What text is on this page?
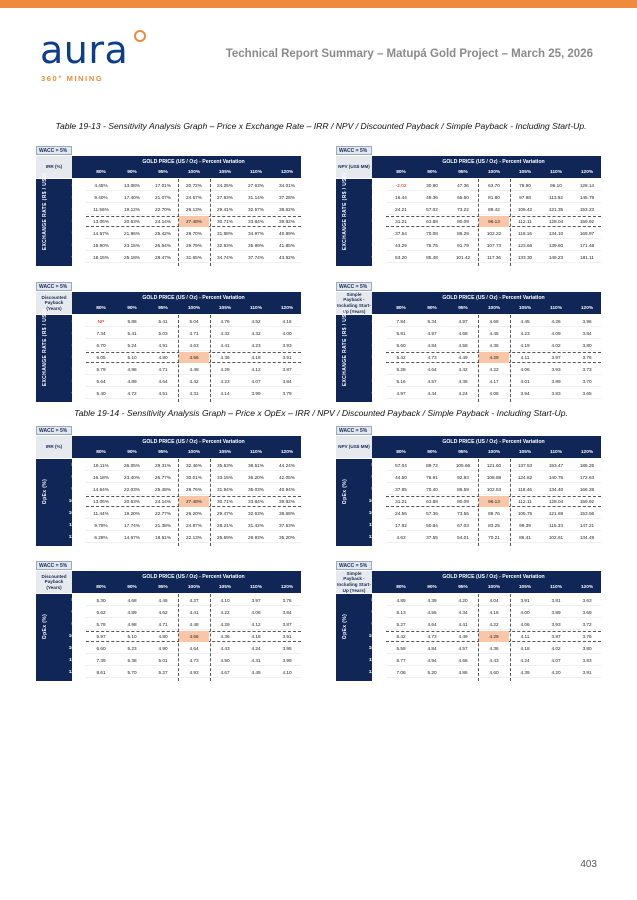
aura
360° MINING
Technical Report Summary – Matupá Gold Project – March 25, 2026
Table 19-13 - Sensitivity Analysis Graph – Price x Exchange Rate – IRR / NPV / Discounted Payback / Simple Payback - Including Start-Up.
WACC = 5%
IRR (%)
GOLD PRICE (US / Oz) - Percent Variation
80%	90%	95%	100%	105%	110%	120%
EXCHANGE RATE (R$ / US$)	4.16	4.45%	13.08%	17.01%	20.72%	24.25%	27.63%	34.01%
4.68	9.40%	17.40%	21.07%	24.57%	27.93%	31.14%	37.28%
4.94	11.56%	19.12%	22.70%	26.13%	29.41%	32.57%	38.62%
5.20	13.06%	20.63%	24.14%	27.48%	30.71%	33.84%	39.82%
5.46	14.57%	21.96%	25.42%	28.70%	31.88%	34.97%	40.89%
5.72	15.90%	23.15%	26.54%	29.79%	32.93%	35.99%	41.85%
6.24	18.15%	25.18%	28.47%	31.65%	34.74%	37.74%	43.52%
WACC = 5%
NPV (US$ MM)
GOLD PRICE (US / Oz) - Percent Variation
80%	90%	95%	100%	105%	110%	120%
EXCHANGE RATE (R$ / US$)	4.16	-2.02	30.90	47.36	63.70	79.90	96.10	128.14
4.68	16.44	49.36	65.60	81.80	97.98	113.92	145.79
4.94	24.21	57.02	73.22	89.42	105.42	121.35	153.23
5.20	31.21	63.88	80.09	96.13	112.11	128.04	159.92
5.46	37.54	70.08	86.29	102.22	118.16	134.10	165.97
5.72	43.29	75.75	91.79	107.73	123.66	139.60	171.48
6.24	53.20	85.48	101.42	117.36	133.30	149.23	181.11
WACC = 5%
Discounted Payback (Years)
GOLD PRICE (US / Oz) - Percent Variation
80%	90%	95%	100%	105%	110%	120%
EXCHANGE RATE (R$ / US$)	4.16	NP	5.88	5.41	5.04	4.76	4.52	4.16
4.68	7.34	5.41	5.03	4.71	4.32	4.32	4.00
4.94	6.70	5.24	4.91	4.63	4.41	4.23	3.93
5.20	6.05	5.10	4.80	4.56	4.36	4.18	3.91
5.46	5.79	4.98	4.71	4.48	4.29	4.12	3.87
5.72	5.64	4.89	4.64	4.42	4.23	4.07	3.84
6.24	5.40	4.72	4.51	4.31	4.14	3.99	3.79
WACC = 5%
Simple Payback - Including Start-Up (Years)
GOLD PRICE (US / Oz) - Percent Variation
80%	90%	95%	100%	105%	110%	120%
EXCHANGE RATE (R$ / US$)	4.16	7.84	5.34	4.97	4.69	4.45	4.26	3.96
4.68	5.81	4.97	4.68	4.45	4.23	4.09	3.84
4.94	5.60	4.84	4.58	4.36	4.19	4.02	3.80
5.20	5.42	4.73	4.49	4.29	4.11	3.97	3.76
5.46	5.28	4.64	4.42	4.22	4.06	3.93	3.73
5.72	5.16	4.57	4.35	4.17	4.01	3.89	3.70
6.24	4.97	4.44	4.24	4.08	3.94	3.83	3.65
Table 19-14 - Sensitivity Analysis Graph – Price x OpEx – IRR / NPV / Discounted Payback / Simple Payback - Including Start-Up.
WACC = 5%
IRR (%)
GOLD PRICE (US / Oz) - Percent Variation
80%	90%	95%	100%	105%	110%	120%
OpEx (%)
80%	19.11%	26.05%	29.31%	32.46%	35.53%	38.51%	44.24%
90%	16.18%	23.40%	26.77%	30.01%	33.15%	36.20%	42.05%
95%	14.64%	22.03%	25.48%	28.76%	31.94%	35.03%	40.94%
100%	13.06%	20.63%	24.14%	27.48%	30.71%	33.84%	39.82%
105%	11.44%	19.20%	22.77%	26.20%	29.47%	32.63%	38.68%
110%	9.78%	17.74%	21.38%	24.87%	28.21%	31.42%	37.53%
120%	6.28%	14.67%	18.51%	22.13%	25.59%	28.93%	35.20%
WACC = 5%
NPV (US$ MM)
GOLD PRICE (US / Oz) - Percent Variation
80%	90%	95%	100%	105%	110%	120%
OpEx (%)
80%	57.04	89.72	105.66	121.60	137.53	153.47	185.25
90%	44.50	76.91	92.93	108.88	124.82	140.76	172.63
95%	37.85	70.40	86.59	102.53	118.46	134.40	166.28
100%	31.21	63.88	80.09	96.13	112.11	128.04	159.92
105%	24.56	57.36	73.56	89.76	105.75	121.69	153.56
110%	17.92	50.84	67.03	83.25	99.39	115.33	147.21
120%	4.63	37.55	54.01	70.21	86.41	102.61	134.49
WACC = 5%
Discounted Payback (Years)
GOLD PRICE (US / Oz) - Percent Variation
80%	90%	95%	100%	105%	110%	120%
OpEx (%)
80%	5.30	4.68	4.46	4.27	4.10	3.97	3.76
90%	5.62	4.89	4.62	4.41	4.22	4.06	3.84
95%	5.78	4.98	4.71	4.48	4.29	4.12	3.87
100%	5.97	5.10	4.80	4.56	4.36	4.18	3.91
105%	6.60	5.23	4.90	4.64	4.43	4.24	3.95
110%	7.39	5.38	5.01	4.73	4.50	4.31	3.99
120%	8.61	5.70	5.27	4.93	4.67	4.45	4.10
WACC = 5%
Simple Payback - Including Start-Up (Years)
GOLD PRICE (US / Oz) - Percent Variation
80%	90%	95%	100%	105%	110%	120%
OpEx (%)
80%	4.89	4.39	4.20	4.04	3.91	3.81	3.63
90%	5.13	4.55	4.34	4.16	4.00	3.89	3.69
95%	5.27	4.64	4.41	4.22	4.06	3.93	3.72
100%	5.42	4.73	4.49	4.29	4.11	3.97	3.76
105%	5.59	4.84	4.57	4.36	4.18	4.02	3.80
110%	5.77	4.94	4.66	4.43	4.24	4.07	3.83
120%	7.08	5.20	4.86	4.60	4.39	4.20	3.91
403
